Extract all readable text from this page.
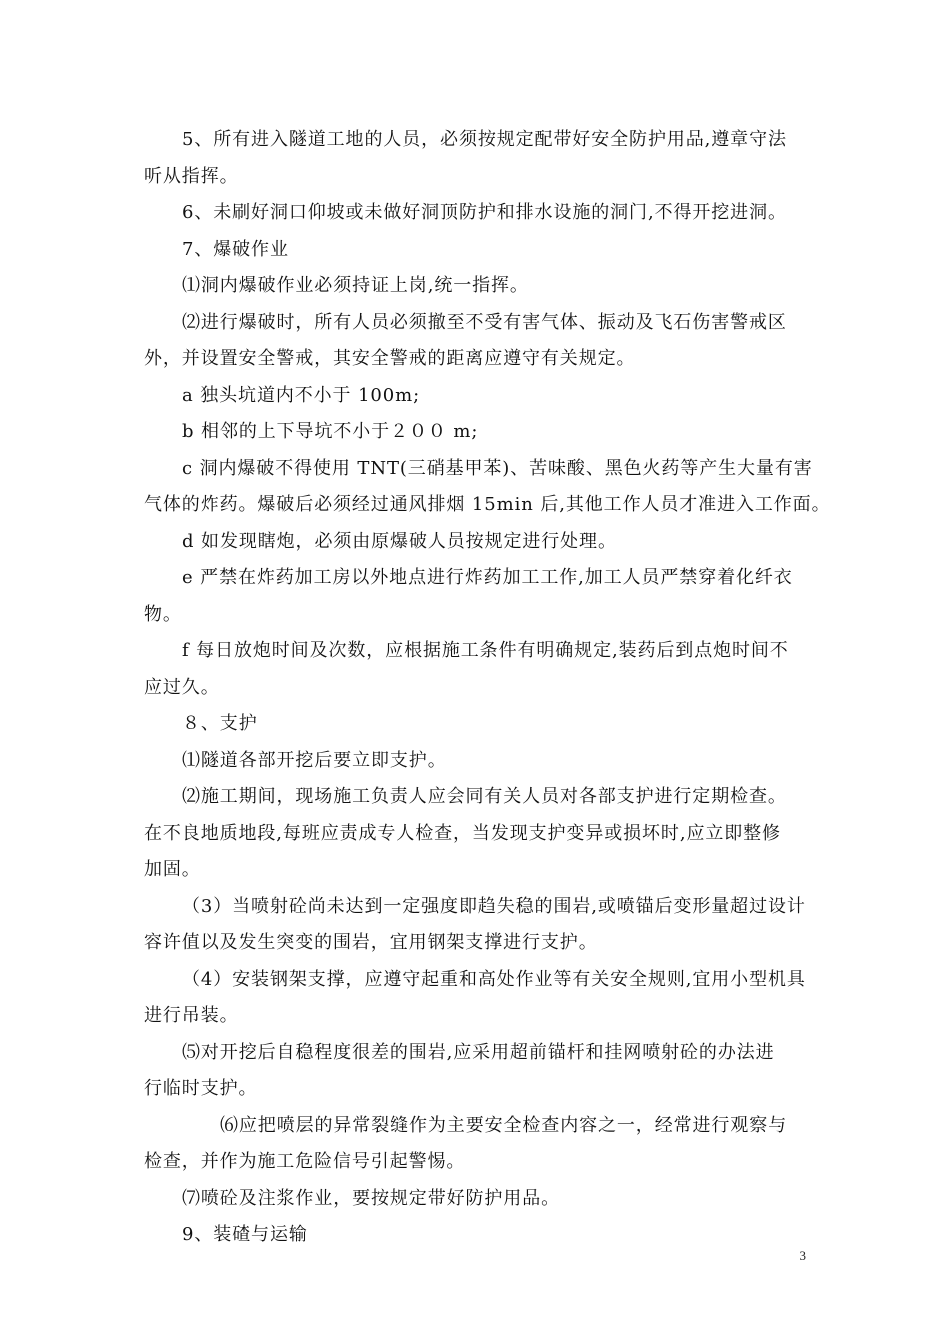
5、所有进入隧道工地的人员，必须按规定配带好安全防护用品,遵章守法
听从指挥。
6、未刷好洞口仰坡或未做好洞顶防护和排水设施的洞门,不得开挖进洞。
7、爆破作业
⑴洞内爆破作业必须持证上岗,统一指挥。
⑵进行爆破时，所有人员必须撤至不受有害气体、振动及飞石伤害警戒区
外，并设置安全警戒，其安全警戒的距离应遵守有关规定。
a 独头坑道内不小于 100m;
b 相邻的上下导坑不小于２００ m;
c 洞内爆破不得使用 TNT(三硝基甲苯)、苦味酸、黑色火药等产生大量有害
气体的炸药。爆破后必须经过通风排烟 15min 后,其他工作人员才准进入工作面。
d 如发现瞎炮，必须由原爆破人员按规定进行处理。
e 严禁在炸药加工房以外地点进行炸药加工工作,加工人员严禁穿着化纤衣
物。
f 每日放炮时间及次数，应根据施工条件有明确规定,装药后到点炮时间不
应过久。
８、支护
⑴隧道各部开挖后要立即支护。
⑵施工期间，现场施工负责人应会同有关人员对各部支护进行定期检查。
在不良地质地段,每班应责成专人检查，当发现支护变异或损坏时,应立即整修
加固。
（3）当喷射砼尚未达到一定强度即趋失稳的围岩,或喷锚后变形量超过设计
容许值以及发生突变的围岩，宜用钢架支撑进行支护。
（4）安装钢架支撑，应遵守起重和高处作业等有关安全规则,宜用小型机具
进行吊装。
⑸对开挖后自稳程度很差的围岩,应采用超前锚杆和挂网喷射砼的办法进
行临时支护。
⑹应把喷层的异常裂缝作为主要安全检查内容之一，经常进行观察与
检查，并作为施工危险信号引起警惕。
⑺喷砼及注浆作业，要按规定带好防护用品。
9、装碴与运输
3
